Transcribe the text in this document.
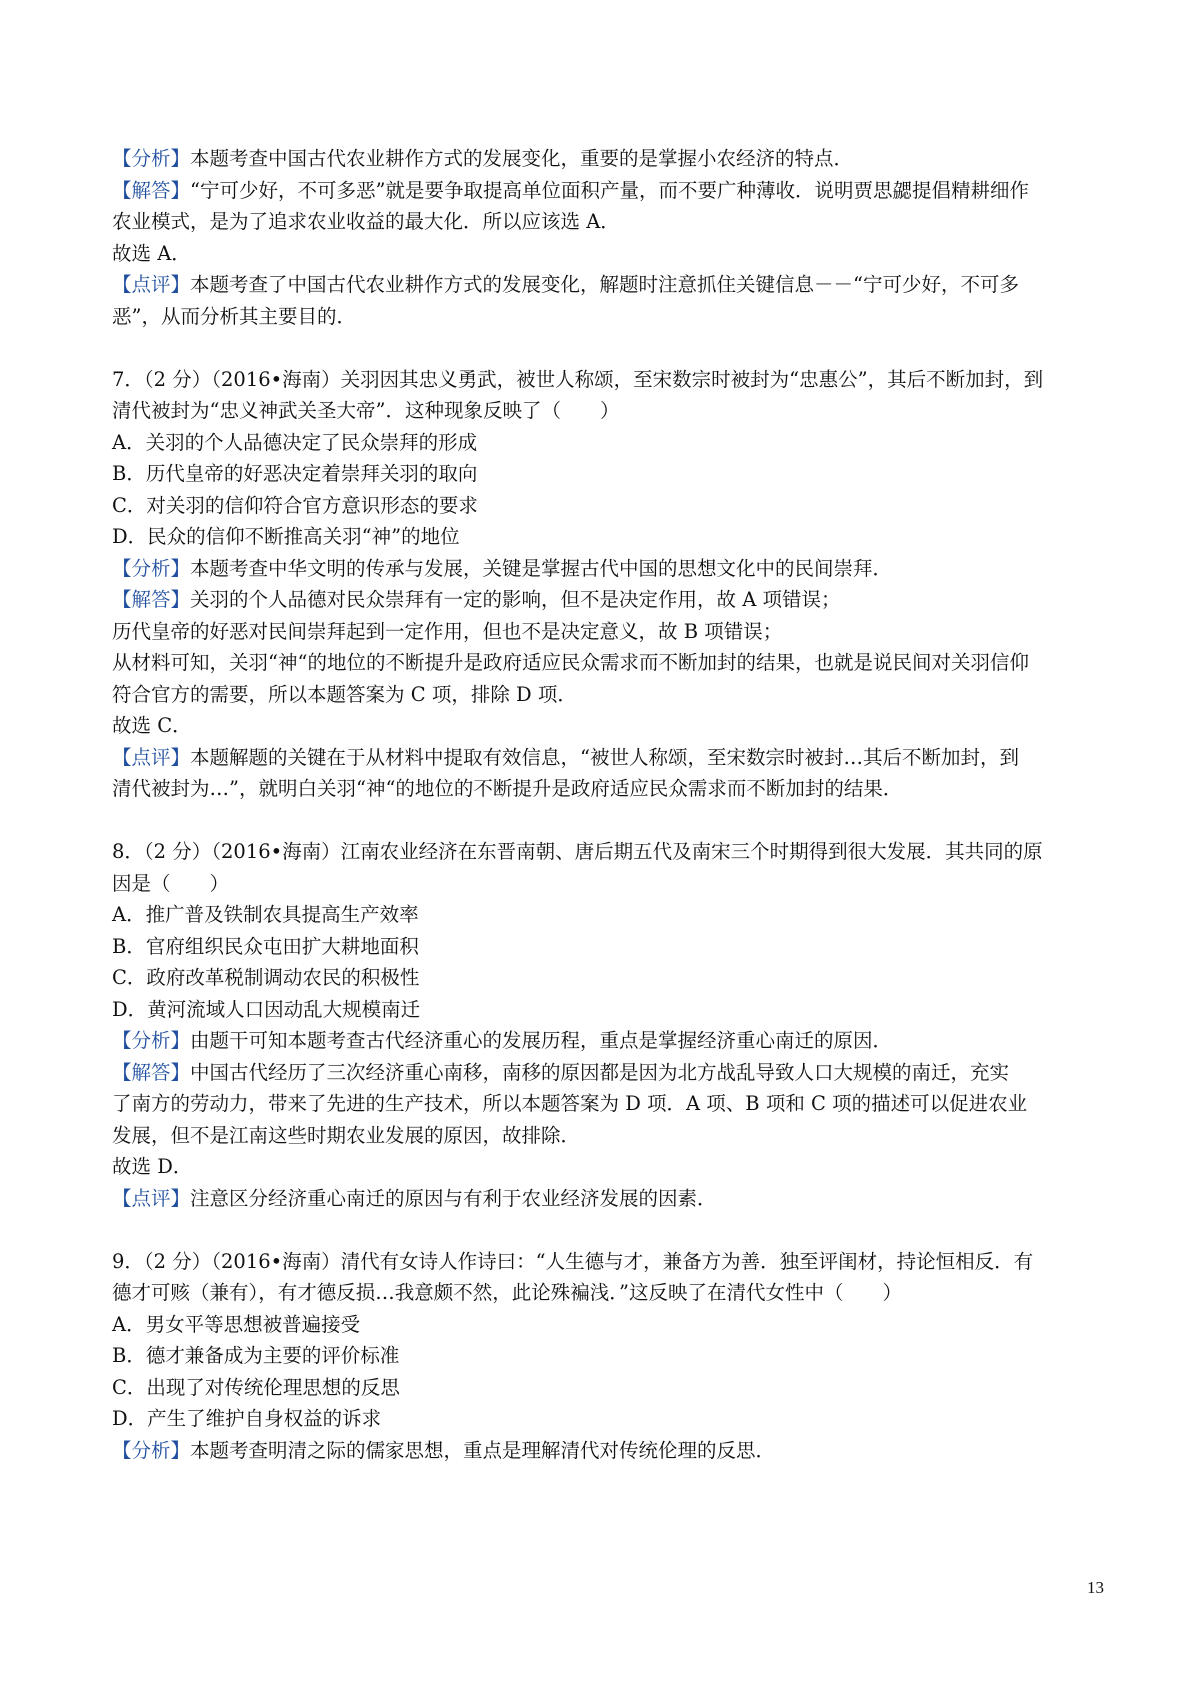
【分析】本题考查中国古代农业耕作方式的发展变化，重要的是掌握小农经济的特点．
【解答】“宁可少好，不可多恶”就是要争取提高单位面积产量，而不要广种薄收．说明贾思勰提倡精耕细作
农业模式，是为了追求农业收益的最大化．所以应该选 A．
故选 A．
【点评】本题考查了中国古代农业耕作方式的发展变化，解题时注意抓住关键信息－－“宁可少好，不可多
恶”，从而分析其主要目的．
7．（2 分）（2016•海南）关羽因其忠义勇武，被世人称颂，至宋数宗时被封为“忠惠公”，其后不断加封，到
清代被封为“忠义神武关圣大帝”．这种现象反映了（　　）
A．关羽的个人品德决定了民众崇拜的形成
B．历代皇帝的好恶决定着崇拜关羽的取向
C．对关羽的信仰符合官方意识形态的要求
D．民众的信仰不断推高关羽“神”的地位
【分析】本题考查中华文明的传承与发展，关键是掌握古代中国的思想文化中的民间崇拜．
【解答】关羽的个人品德对民众崇拜有一定的影响，但不是决定作用，故 A 项错误；
历代皇帝的好恶对民间崇拜起到一定作用，但也不是决定意义，故 B 项错误；
从材料可知，关羽“神“的地位的不断提升是政府适应民众需求而不断加封的结果，也就是说民间对关羽信仰
符合官方的需要，所以本题答案为 C 项，排除 D 项．
故选 C．
【点评】本题解题的关键在于从材料中提取有效信息，“被世人称颂，至宋数宗时被封…其后不断加封，到
清代被封为…”，就明白关羽“神“的地位的不断提升是政府适应民众需求而不断加封的结果．
8．（2 分）（2016•海南）江南农业经济在东晋南朝、唐后期五代及南宋三个时期得到很大发展．其共同的原
因是（　　）
A．推广普及铁制农具提高生产效率
B．官府组织民众屯田扩大耕地面积
C．政府改革税制调动农民的积极性
D．黄河流域人口因动乱大规模南迁
【分析】由题干可知本题考查古代经济重心的发展历程，重点是掌握经济重心南迁的原因．
【解答】中国古代经历了三次经济重心南移，南移的原因都是因为北方战乱导致人口大规模的南迁，充实
了南方的劳动力，带来了先进的生产技术，所以本题答案为 D 项．A 项、B 项和 C 项的描述可以促进农业
发展，但不是江南这些时期农业发展的原因，故排除．
故选 D．
【点评】注意区分经济重心南迁的原因与有利于农业经济发展的因素．
9．（2 分）（2016•海南）清代有女诗人作诗曰：“人生德与才，兼备方为善．独至评闺材，持论恒相反．有
德才可赅（兼有），有才德反损…我意颇不然，此论殊褊浅．”这反映了在清代女性中（　　）
A．男女平等思想被普遍接受
B．德才兼备成为主要的评价标准
C．出现了对传统伦理思想的反思
D．产生了维护自身权益的诉求
【分析】本题考查明清之际的儒家思想，重点是理解清代对传统伦理的反思．
13
